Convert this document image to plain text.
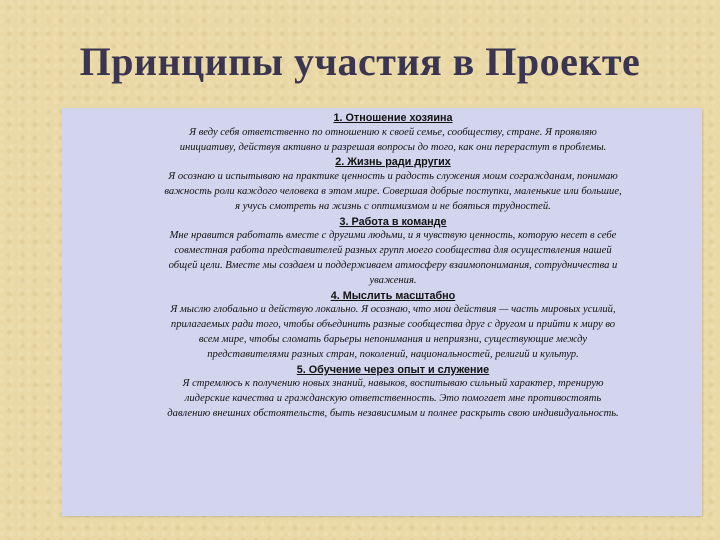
Принципы участия в Проекте
1. Отношение хозяина
Я веду себя ответственно по отношению к своей семье, сообществу, стране. Я проявляю
инициативу, действуя активно и разрешая вопросы до того, как они перерастут в проблемы.
2. Жизнь ради других
Я осознаю и испытываю на практике ценность и радость служения моим согражданам, понимаю
важность роли каждого человека в этом мире. Совершая добрые поступки, маленькие или большие,
я учусь смотреть на жизнь с оптимизмом и не бояться трудностей.
3. Работа в команде
Мне нравится работать вместе с другими людьми, и я чувствую ценность, которую несет в себе
совместная работа представителей разных групп моего сообщества для осуществления нашей
общей цели. Вместе мы создаем и поддерживаем атмосферу взаимопонимания, сотрудничества и
уважения.
4. Мыслить масштабно
Я мыслю глобально и действую локально. Я осознаю, что мои действия — часть мировых усилий,
прилагаемых ради того, чтобы объединить разные сообщества друг с другом и прийти к миру во
всем мире, чтобы сломать барьеры непонимания и неприязни, существующие между
представителями разных стран, поколений, национальностей, религий и культур.
5. Обучение через опыт и служение
Я стремлюсь к получению новых знаний, навыков, воспитываю сильный характер, тренирую
лидерские качества и гражданскую ответственность. Это помогает мне противостоять
давлению внешних обстоятельств, быть независимым и полнее раскрыть свою индивидуальность.
